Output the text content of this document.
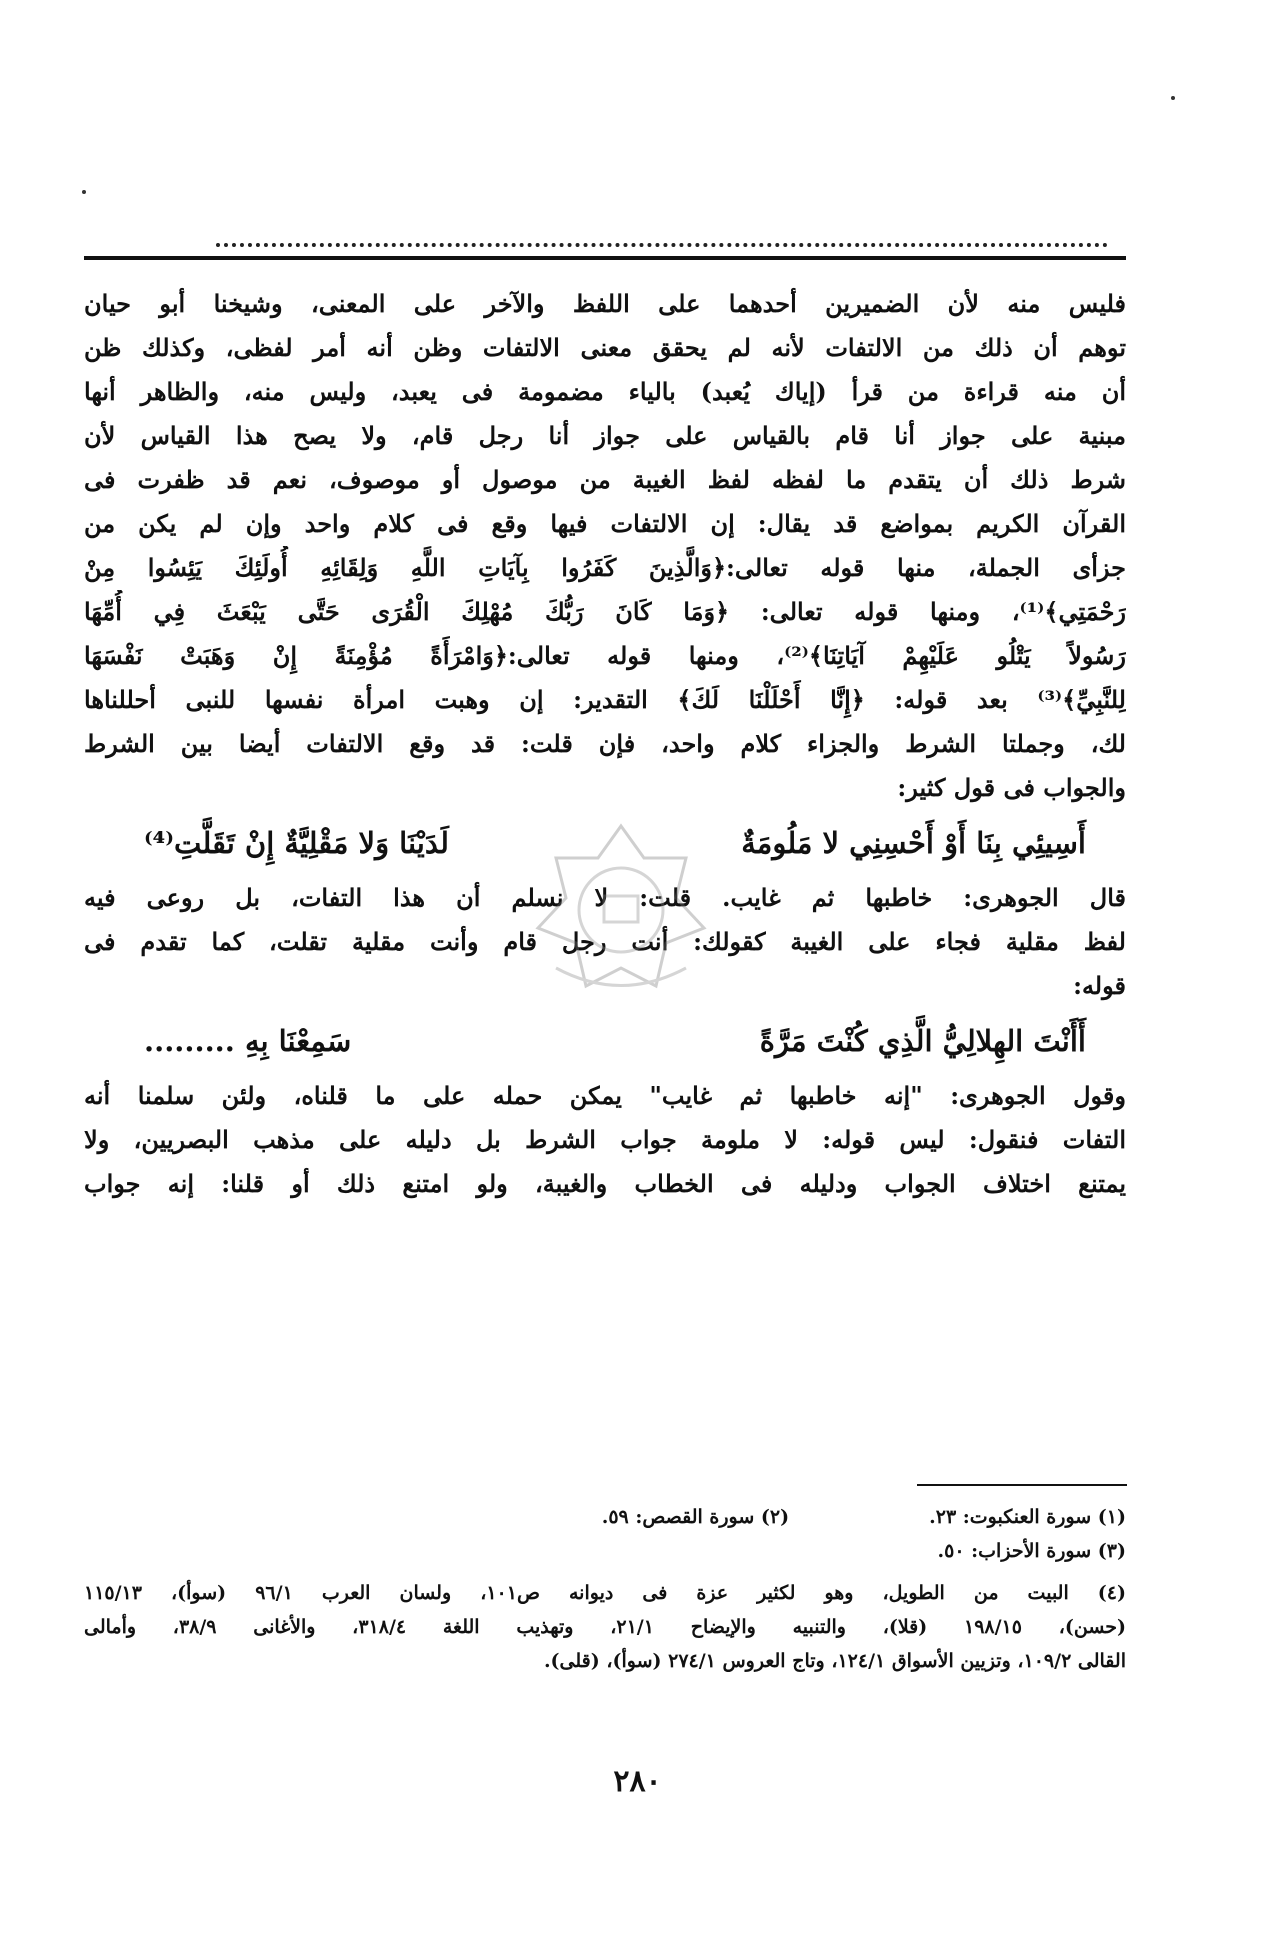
فليس منه لأن الضميرين أحدهما على اللفظ والآخر على المعنى، وشيخنا أبو حيان
توهم أن ذلك من الالتفات لأنه لم يحقق معنى الالتفات وظن أنه أمر لفظى، وكذلك ظن
أن منه قراءة من قرأ (إياك يُعبد) بالياء مضمومة فى يعبد، وليس منه، والظاهر أنها
مبنية على جواز أنا قام بالقياس على جواز أنا رجل قام، ولا يصح هذا القياس لأن
شرط ذلك أن يتقدم ما لفظه لفظ الغيبة من موصول أو موصوف، نعم قد ظفرت فى
القرآن الكريم بمواضع قد يقال: إن الالتفات فيها وقع فى كلام واحد وإن لم يكن من
جزأى الجملة، منها قوله تعالى:﴿وَالَّذِينَ كَفَرُوا بِآيَاتِ اللَّهِ وَلِقَائِهِ أُولَئِكَ يَئِسُوا مِنْ
رَحْمَتِي﴾⁽¹⁾، ومنها قوله تعالى: ﴿وَمَا كَانَ رَبُّكَ مُهْلِكَ الْقُرَى حَتَّى يَبْعَثَ فِي أُمِّهَا
رَسُولاً يَتْلُو عَلَيْهِمْ آيَاتِنَا﴾⁽²⁾، ومنها قوله تعالى:﴿وَامْرَأَةً مُؤْمِنَةً إِنْ وَهَبَتْ نَفْسَهَا
لِلنَّبِيِّ﴾⁽³⁾ بعد قوله: ﴿إِنَّا أَحْلَلْنَا لَكَ﴾ التقدير: إن وهبت امرأة نفسها للنبى أحللناها
لك، وجملتا الشرط والجزاء كلام واحد، فإن قلت: قد وقع الالتفات أيضا بين الشرط
والجواب فى قول كثير:
أَسِيئِي بِنَا أَوْ أَحْسِنِي لا مَلُومَةٌ
لَدَيْنَا وَلا مَقْلِيَّةٌ إِنْ تَقَلَّتِ⁽⁴⁾
قال الجوهرى: خاطبها ثم غايب. قلت: لا نسلم أن هذا التفات، بل روعى فيه
لفظ مقلية فجاء على الغيبة كقولك: أنت رجل قام وأنت مقلية تقلت، كما تقدم فى
قوله:
أَأَنْتَ الهِلالِيُّ الَّذِي كُنْتَ مَرَّةً
سَمِعْنَا بِهِ .........
وقول الجوهرى: "إنه خاطبها ثم غايب" يمكن حمله على ما قلناه، ولئن سلمنا أنه
التفات فنقول: ليس قوله: لا ملومة جواب الشرط بل دليله على مذهب البصريين، ولا
يمتنع اختلاف الجواب ودليله فى الخطاب والغيبة، ولو امتنع ذلك أو قلنا: إنه جواب
(١) سورة العنكبوت: ٢٣.
(٢) سورة القصص: ٥٩.
(٣) سورة الأحزاب: ٥٠.
(٤) البيت من الطويل، وهو لكثير عزة فى ديوانه ص١٠١، ولسان العرب ٩٦/١ (سوأ)، ١١٥/١٣
(حسن)، ١٩٨/١٥ (قلا)، والتنبيه والإيضاح ٢١/١، وتهذيب اللغة ٣١٨/٤، والأغانى ٣٨/٩، وأمالى
القالى ١٠٩/٢، وتزيين الأسواق ١٢٤/١، وتاج العروس ٢٧٤/١ (سوأ)، (قلى).
٢٨٠
